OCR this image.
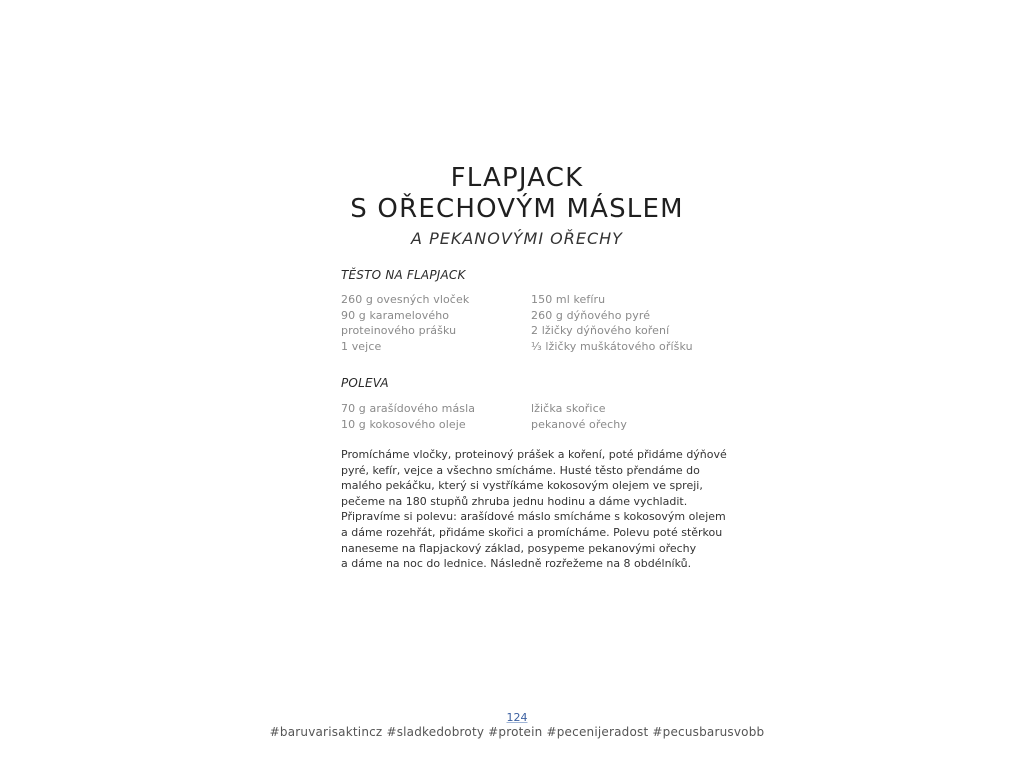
FLAPJACK
S OŘECHOVÝM MÁSLEM
A PEKANOVÝMI OŘECHY
TĚSTO NA FLAPJACK
260 g ovesných vloček
90 g karamelového
proteinového prášku
1 vejce
150 ml kefíru
260 g dýňového pyré
2 lžičky dýňového koření
⅓ lžičky muškátového oříšku
POLEVA
70 g arašídového másla
10 g kokosového oleje
lžička skořice
pekanové ořechy
Promícháme vločky, proteinový prášek a koření, poté přidáme dýňové
pyré, kefír, vejce a všechno smícháme. Husté těsto přendáme do
malého pekáčku, který si vystříkáme kokosovým olejem ve spreji,
pečeme na 180 stupňů zhruba jednu hodinu a dáme vychladit.
Připravíme si polevu: arašídové máslo smícháme s kokosovým olejem
a dáme rozehřát, přidáme skořici a promícháme. Polevu poté stěrkou
naneseme na flapjackový základ, posypeme pekanovými ořechy
a dáme na noc do lednice. Následně rozřežeme na 8 obdélníků.
124
#baruvarisaktincz #sladkedobroty #protein #pecenijeradost #pecusbarusvobb
